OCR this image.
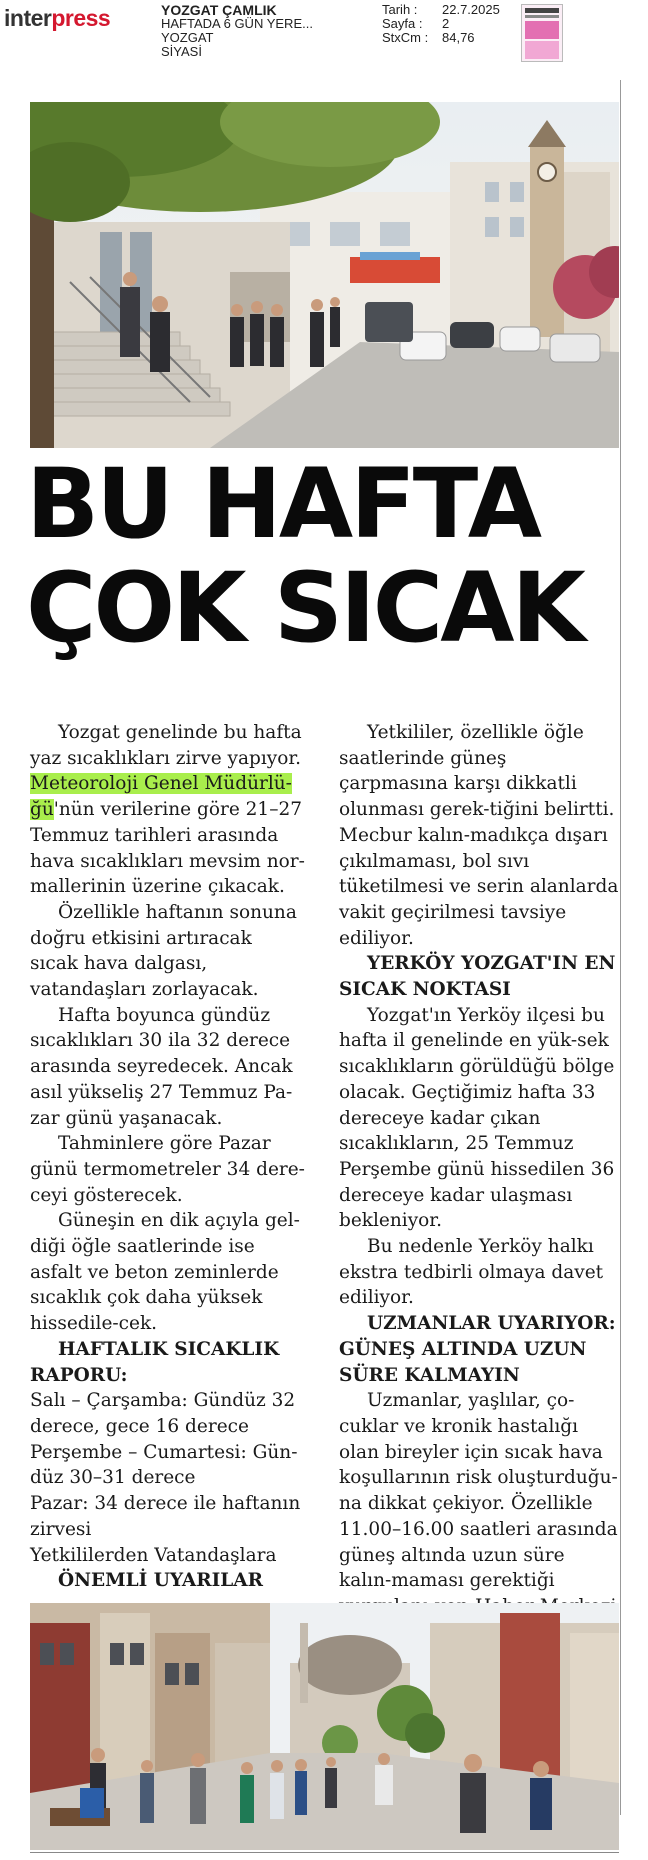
interpress	YOZGAT ÇAMLIK
HAFTADA 6 GÜN YERE...
YOZGAT
SİYASİ
Tarih : 22.7.2025
Sayfa : 2
StxCm : 84,76
BU HAFTA
ÇOK SICAK

Yozgat genelinde bu hafta yaz sıcaklıkları zirve yapıyor. Meteoroloji Genel Müdürlü-ğü'nün verilerine göre 21–27 Temmuz tarihleri arasında hava sıcaklıkları mevsim nor-mallerinin üzerine çıkacak.

Özellikle haftanın sonuna doğru etkisini artıracak sıcak hava dalgası, vatandaşları zorlayacak.

Hafta boyunca gündüz sıcaklıkları 30 ila 32 derece arasında seyredecek. Ancak asıl yükseliş 27 Temmuz Pa-zar günü yaşanacak.

Tahminlere göre Pazar günü termometreler 34 dere-ceyi gösterecek.

Güneşin en dik açıyla gel-diği öğle saatlerinde ise asfalt ve beton zeminlerde sıcaklık çok daha yüksek hissedile-cek.

HAFTALIK SICAKLIK RAPORU:

Salı – Çarşamba: Gündüz 32 derece, gece 16 derece

Perşembe – Cumartesi: Gün-düz 30–31 derece

Pazar: 34 derece ile haftanın zirvesi

Yetkililerden Vatandaşlara

ÖNEMLİ UYARILAR

Yetkililer, özellikle öğle saatlerinde güneş çarpmasına karşı dikkatli olunması gerek-tiğini belirtti. Mecbur kalın-madıkça dışarı çıkılmaması, bol sıvı tüketilmesi ve serin alanlarda vakit geçirilmesi tavsiye ediliyor.

YERKÖY YOZGAT'IN EN SICAK NOKTASI

Yozgat'ın Yerköy ilçesi bu hafta il genelinde en yük-sek sıcaklıkların görüldüğü bölge olacak. Geçtiğimiz hafta 33 dereceye kadar çıkan sıcaklıkların, 25 Temmuz Perşembe günü hissedilen 36 dereceye kadar ulaşması bekleniyor.

Bu nedenle Yerköy halkı ekstra tedbirli olmaya davet ediliyor.

UZMANLAR UYARIYOR: GÜNEŞ ALTINDA UZUN SÜRE KALMAYIN

Uzmanlar, yaşlılar, ço-cuklar ve kronik hastalığı olan bireyler için sıcak hava koşullarının risk oluşturduğu-na dikkat çekiyor. Özellikle 11.00–16.00 saatleri arasında güneş altında uzun süre kalın-maması gerektiği
